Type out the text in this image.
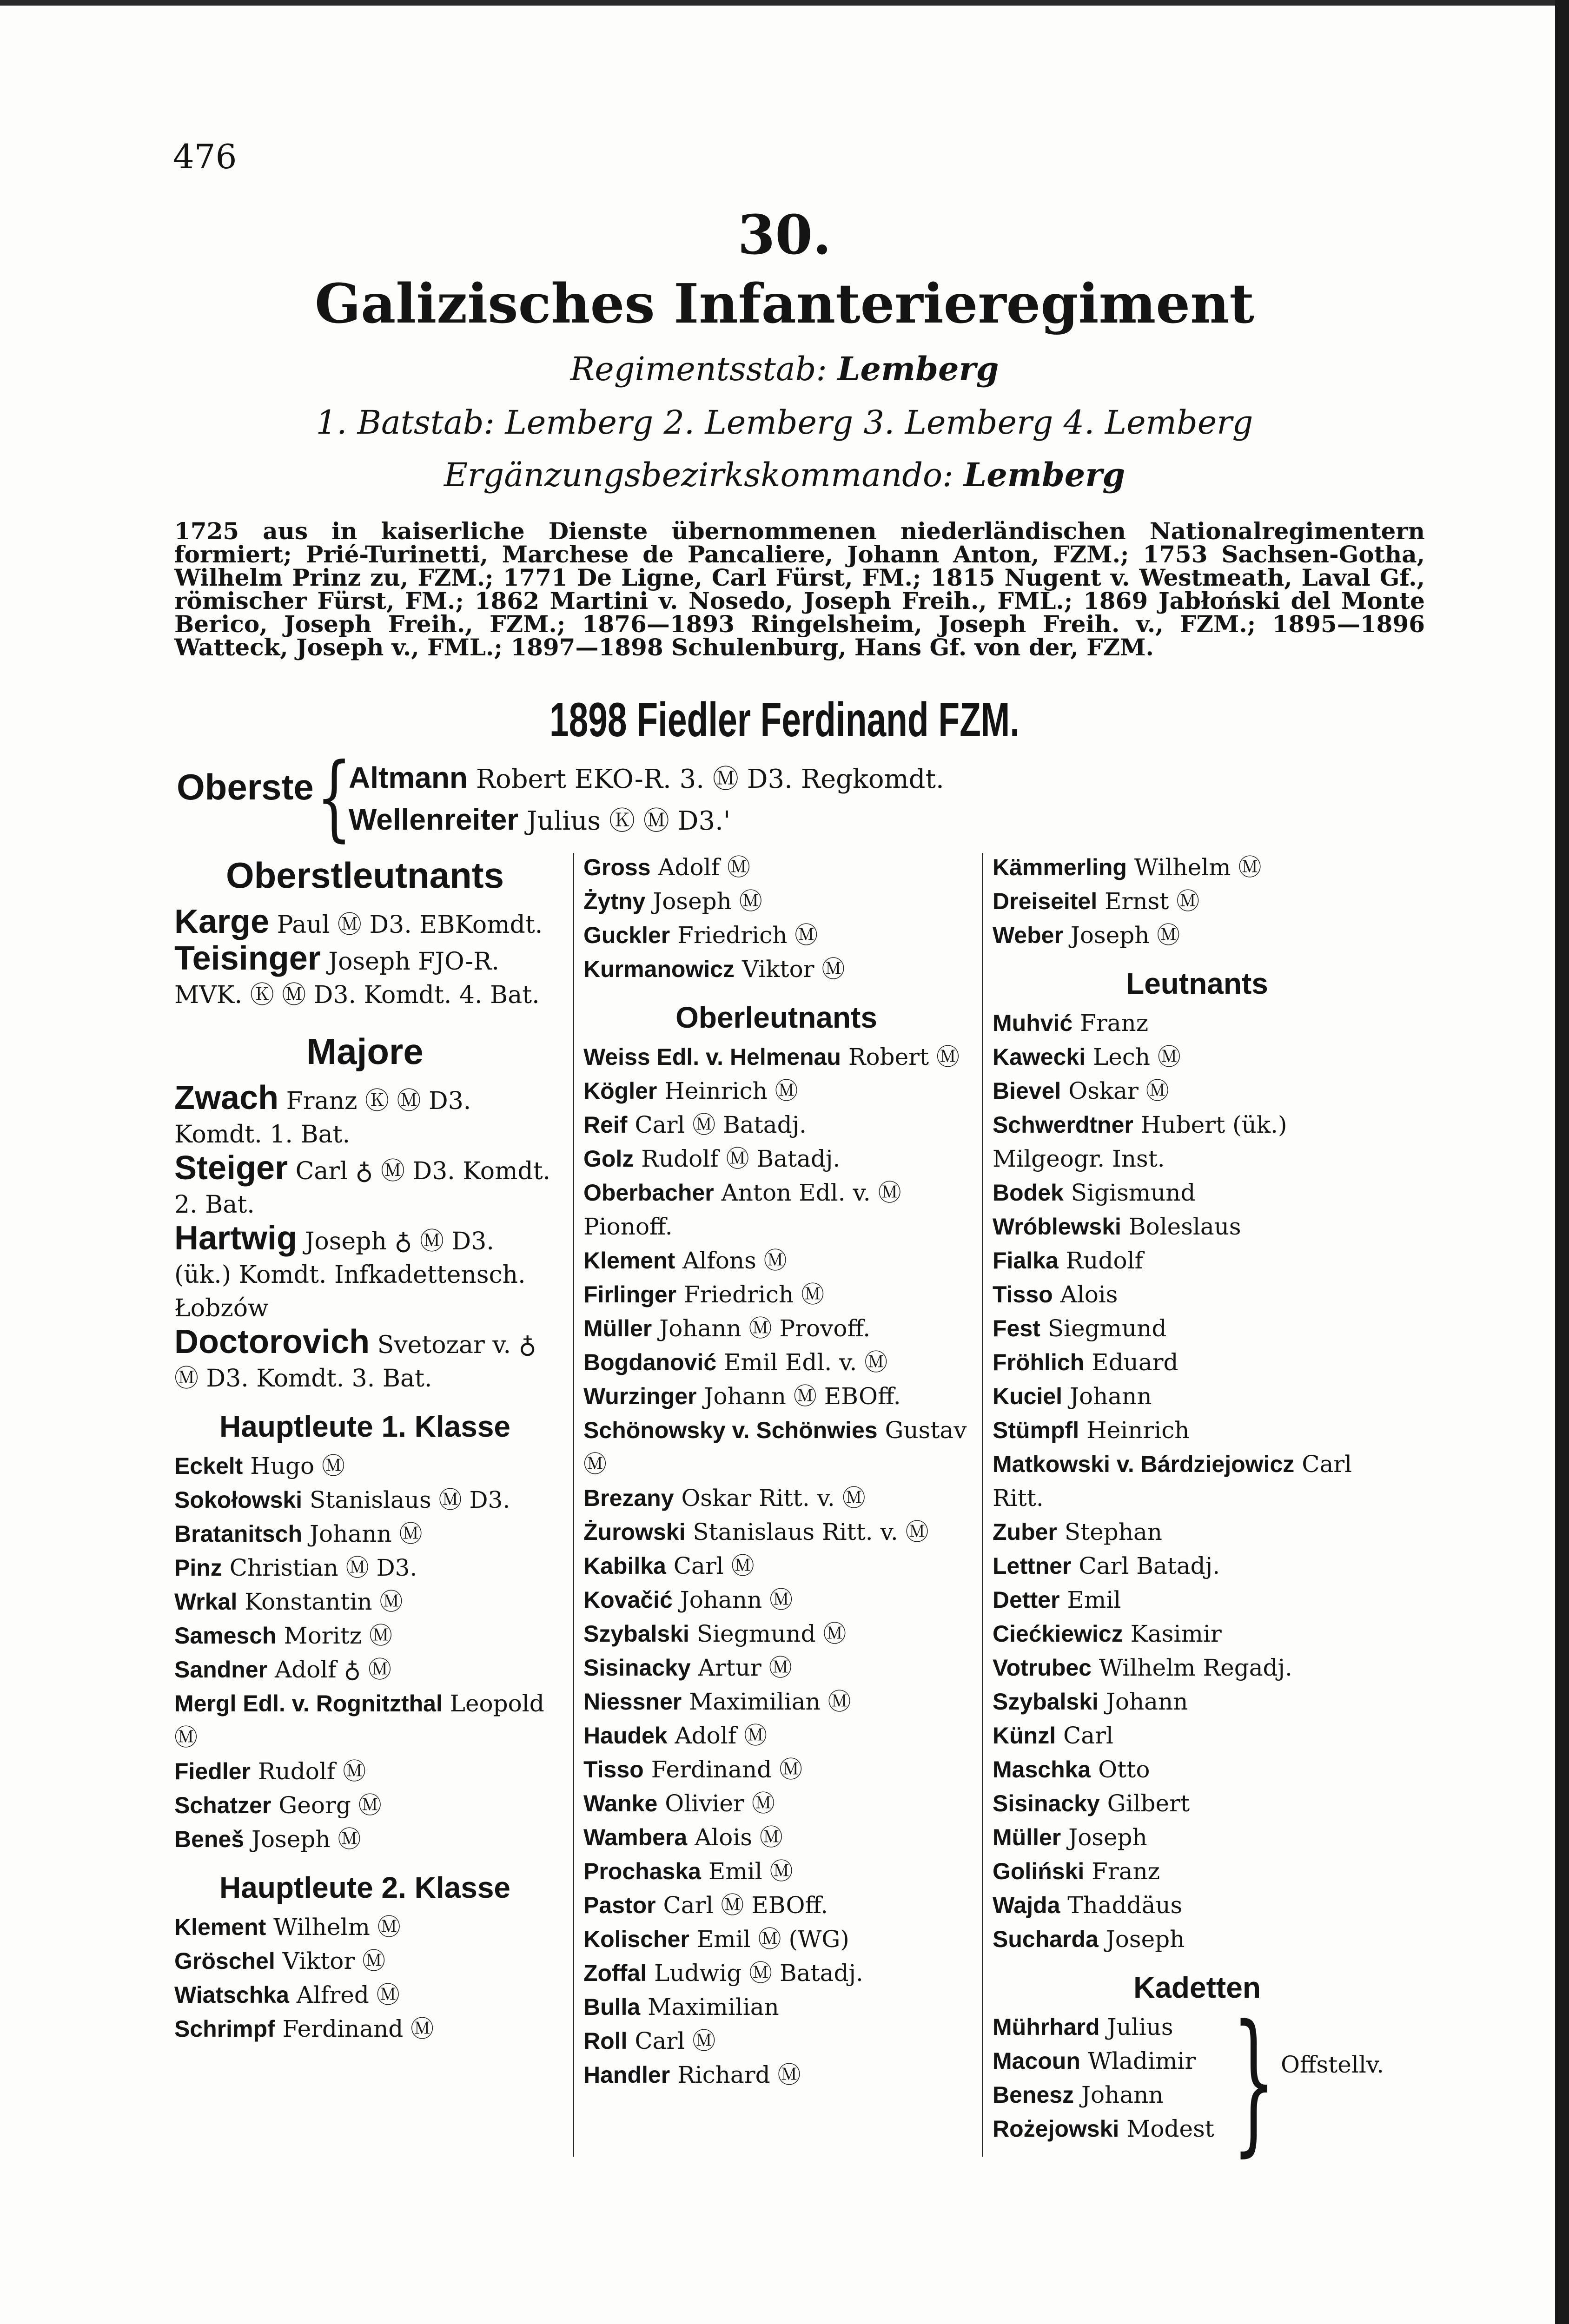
476
30.
Galizisches Infanterieregiment
Regimentsstab: Lemberg
1. Batstab: Lemberg 2. Lemberg 3. Lemberg 4. Lemberg
Ergänzungsbezirkskommando: Lemberg

1725 aus in kaiserliche Dienste übernommenen niederländischen Nationalregimentern formiert; Prié-Turinetti, Marchese de Pancaliere, Johann Anton, FZM.; 1753 Sachsen-Gotha, Wilhelm Prinz zu, FZM.; 1771 De Ligne, Carl Fürst, FM.; 1815 Nugent v. Westmeath, Laval Gf., römischer Fürst, FM.; 1862 Martini v. Nosedo, Joseph Freih., FML.; 1869 Jabłoński del Monte Berico, Joseph Freih., FZM.; 1876—1893 Ringelsheim, Joseph Freih. v., FZM.; 1895—1896 Watteck, Joseph v., FML.; 1897—1898 Schulenburg, Hans Gf. von der, FZM.

1898 Fiedler Ferdinand FZM.
Oberste {
Altmann Robert EKO-R. 3. Ⓜ D3. Regkomdt.
Wellenreiter Julius Ⓚ Ⓜ D3.'
Oberstleutnants
Karge Paul Ⓜ D3. EBKomdt.
Teisinger Joseph FJO-R. MVK. Ⓚ Ⓜ D3. Komdt. 4. Bat.
Majore
Zwach Franz Ⓚ Ⓜ D3. Komdt. 1. Bat.
Steiger Carl ♁ Ⓜ D3. Komdt. 2. Bat.
Hartwig Joseph ♁ Ⓜ D3. (ük.) Komdt. Infkadettensch. Łobzów
Doctorovich Svetozar v. ♁ Ⓜ D3. Komdt. 3. Bat.
Hauptleute 1. Klasse
Eckelt Hugo Ⓜ
Sokołowski Stanislaus Ⓜ D3.
Bratanitsch Johann Ⓜ
Pinz Christian Ⓜ D3.
Wrkal Konstantin Ⓜ
Samesch Moritz Ⓜ
Sandner Adolf ♁ Ⓜ
Mergl Edl. v. Rognitzthal Leopold Ⓜ
Fiedler Rudolf Ⓜ
Schatzer Georg Ⓜ
Beneš Joseph Ⓜ
Hauptleute 2. Klasse
Klement Wilhelm Ⓜ
Gröschel Viktor Ⓜ
Wiatschka Alfred Ⓜ
Schrimpf Ferdinand Ⓜ
Gross Adolf Ⓜ
Żytny Joseph Ⓜ
Guckler Friedrich Ⓜ
Kurmanowicz Viktor Ⓜ
Oberleutnants
Weiss Edl. v. Helmenau Robert Ⓜ
Kögler Heinrich Ⓜ
Reif Carl Ⓜ Batadj.
Golz Rudolf Ⓜ Batadj.
Oberbacher Anton Edl. v. Ⓜ Pionoff.
Klement Alfons Ⓜ
Firlinger Friedrich Ⓜ
Müller Johann Ⓜ Provoff.
Bogdanović Emil Edl. v. Ⓜ
Wurzinger Johann Ⓜ EBOff.
Schönowsky v. Schönwies Gustav Ⓜ
Brezany Oskar Ritt. v. Ⓜ
Żurowski Stanislaus Ritt. v. Ⓜ
Kabilka Carl Ⓜ
Kovačić Johann Ⓜ
Szybalski Siegmund Ⓜ
Sisinacky Artur Ⓜ
Niessner Maximilian Ⓜ
Haudek Adolf Ⓜ
Tisso Ferdinand Ⓜ
Wanke Olivier Ⓜ
Wambera Alois Ⓜ
Prochaska Emil Ⓜ
Pastor Carl Ⓜ EBOff.
Kolischer Emil Ⓜ (WG)
Zoffal Ludwig Ⓜ Batadj.
Bulla Maximilian
Roll Carl Ⓜ
Handler Richard Ⓜ
Kämmerling Wilhelm Ⓜ
Dreiseitel Ernst Ⓜ
Weber Joseph Ⓜ
Leutnants
Muhvić Franz
Kawecki Lech Ⓜ
Bievel Oskar Ⓜ
Schwerdtner Hubert (ük.) Milgeogr. Inst.
Bodek Sigismund
Wróblewski Boleslaus
Fialka Rudolf
Tisso Alois
Fest Siegmund
Fröhlich Eduard
Kuciel Johann
Stümpfl Heinrich
Matkowski v. Bárdziejowicz Carl Ritt.
Zuber Stephan
Lettner Carl Batadj.
Detter Emil
Ciećkiewicz Kasimir
Votrubec Wilhelm Regadj.
Szybalski Johann
Künzl Carl
Maschka Otto
Sisinacky Gilbert
Müller Joseph
Goliński Franz
Wajda Thaddäus
Sucharda Joseph
Kadetten
Mührhard Julius
Macoun Wladimir
Benesz Johann
Rożejowski Modest } Offstellv.
